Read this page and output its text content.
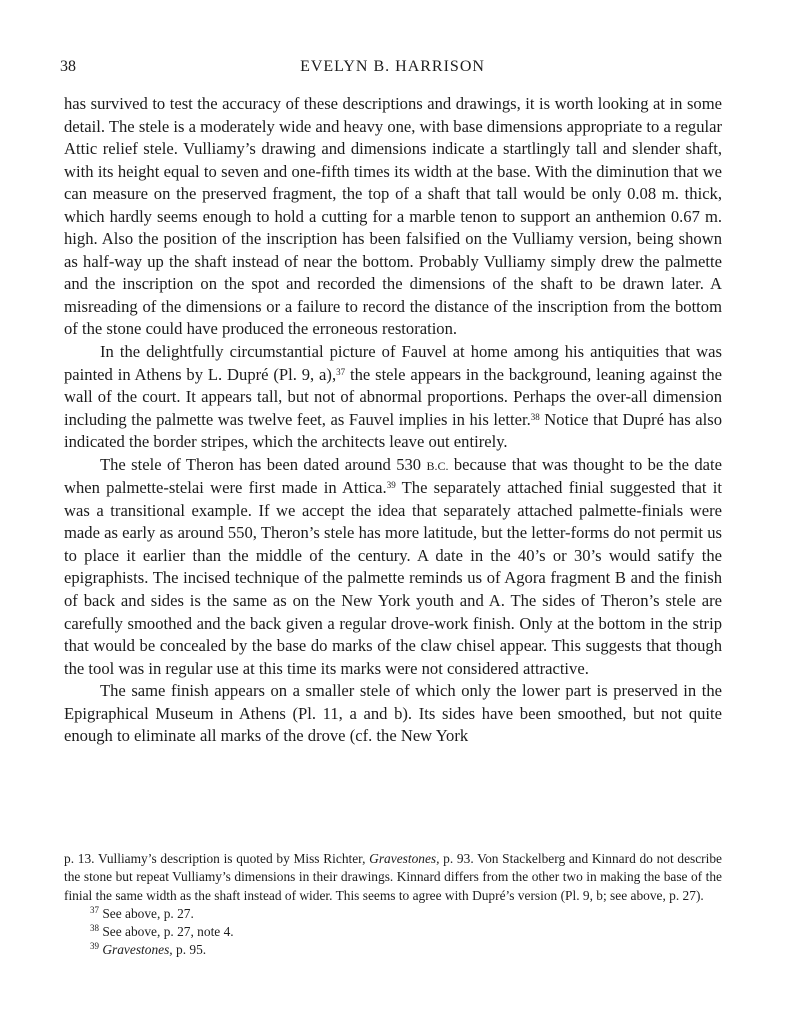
38	EVELYN B. HARRISON

has survived to test the accuracy of these descriptions and drawings, it is worth looking at in some detail. The stele is a moderately wide and heavy one, with base dimensions appropriate to a regular Attic relief stele. Vulliamy’s drawing and dimensions indicate a startlingly tall and slender shaft, with its height equal to seven and one-fifth times its width at the base. With the diminution that we can measure on the preserved fragment, the top of a shaft that tall would be only 0.08 m. thick, which hardly seems enough to hold a cutting for a marble tenon to support an anthemion 0.67 m. high. Also the position of the inscription has been falsified on the Vulliamy version, being shown as half-way up the shaft instead of near the bottom. Probably Vulliamy simply drew the palmette and the inscription on the spot and recorded the dimensions of the shaft to be drawn later. A misreading of the dimensions or a failure to record the distance of the inscription from the bottom of the stone could have produced the erroneous restoration.

In the delightfully circumstantial picture of Fauvel at home among his antiquities that was painted in Athens by L. Dupré (Pl. 9, a),$^{37}$ the stele appears in the background, leaning against the wall of the court. It appears tall, but not of abnormal proportions. Perhaps the over-all dimension including the palmette was twelve feet, as Fauvel implies in his letter.$^{38}$ Notice that Dupré has also indicated the border stripes, which the architects leave out entirely.

The stele of Theron has been dated around 530 B.C. because that was thought to be the date when palmette-stelai were first made in Attica.$^{39}$ The separately attached finial suggested that it was a transitional example. If we accept the idea that separately attached palmette-finials were made as early as around 550, Theron’s stele has more latitude, but the letter-forms do not permit us to place it earlier than the middle of the century. A date in the 40’s or 30’s would satify the epigraphists. The incised technique of the palmette reminds us of Agora fragment B and the finish of back and sides is the same as on the New York youth and A. The sides of Theron’s stele are carefully smoothed and the back given a regular drove-work finish. Only at the bottom in the strip that would be concealed by the base do marks of the claw chisel appear. This suggests that though the tool was in regular use at this time its marks were not considered attractive.

The same finish appears on a smaller stele of which only the lower part is preserved in the Epigraphical Museum in Athens (Pl. 11, a and b). Its sides have been smoothed, but not quite enough to eliminate all marks of the drove (cf. the New York

p. 13. Vulliamy’s description is quoted by Miss Richter, Gravestones, p. 93. Von Stackelberg and Kinnard do not describe the stone but repeat Vulliamy’s dimensions in their drawings. Kinnard differs from the other two in making the base of the finial the same width as the shaft instead of wider. This seems to agree with Dupré’s version (Pl. 9, b; see above, p. 27).

$^{37}$ See above, p. 27.

$^{38}$ See above, p. 27, note 4.

$^{39}$ Gravestones, p. 95.
